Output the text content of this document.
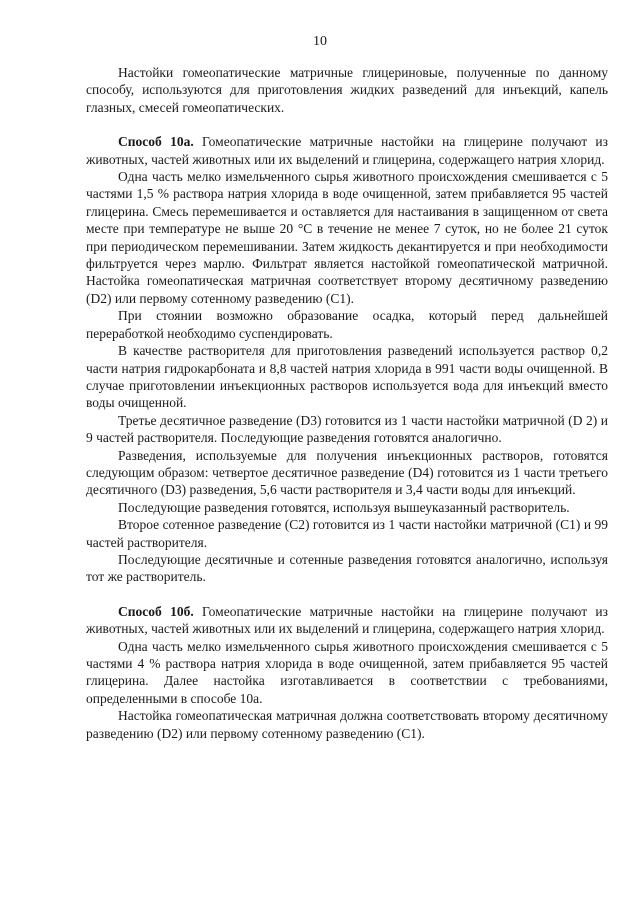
10

Настойки гомеопатические матричные глицериновые, полученные по данному способу, используются для приготовления жидких разведений для инъекций, капель глазных, смесей гомеопатических.

Способ 10а. Гомеопатические матричные настойки на глицерине получают из животных, частей животных или их выделений и глицерина, содержащего натрия хлорид.

Одна часть мелко измельченного сырья животного происхождения смешивается с 5 частями 1,5 % раствора натрия хлорида в воде очищенной, затем прибавляется 95 частей глицерина. Смесь перемешивается и оставляется для настаивания в защищенном от света месте при температуре не выше 20 °С в течение не менее 7 суток, но не более 21 суток при периодическом перемешивании. Затем жидкость декантируется и при необходимости фильтруется через марлю. Фильтрат является настойкой гомеопатической матричной. Настойка гомеопатическая матричная соответствует второму десятичному разведению (D2) или первому сотенному разведению (С1).

При стоянии возможно образование осадка, который перед дальнейшей переработкой необходимо суспендировать.

В качестве растворителя для приготовления разведений используется раствор 0,2 части натрия гидрокарбоната и 8,8 частей натрия хлорида в 991 части воды очищенной. В случае приготовлении инъекционных растворов используется вода для инъекций вместо воды очищенной.

Третье десятичное разведение (D3) готовится из 1 части настойки матричной (D 2) и 9 частей растворителя. Последующие разведения готовятся аналогично.

Разведения, используемые для получения инъекционных растворов, готовятся следующим образом: четвертое десятичное разведение (D4) готовится из 1 части третьего десятичного (D3) разведения, 5,6 части растворителя и 3,4 части воды для инъекций.

Последующие разведения готовятся, используя вышеуказанный растворитель.

Второе сотенное разведение (С2) готовится из 1 части настойки матричной (С1) и 99 частей растворителя.

Последующие десятичные и сотенные разведения готовятся аналогично, используя тот же растворитель.

Способ 10б. Гомеопатические матричные настойки на глицерине получают из животных, частей животных или их выделений и глицерина, содержащего натрия хлорид.

Одна часть мелко измельченного сырья животного происхождения смешивается с 5 частями 4 % раствора натрия хлорида в воде очищенной, затем прибавляется 95 частей глицерина. Далее настойка изготавливается в соответствии с требованиями, определенными в способе 10а.

Настойка гомеопатическая матричная должна соответствовать второму десятичному разведению (D2) или первому сотенному разведению (С1).
